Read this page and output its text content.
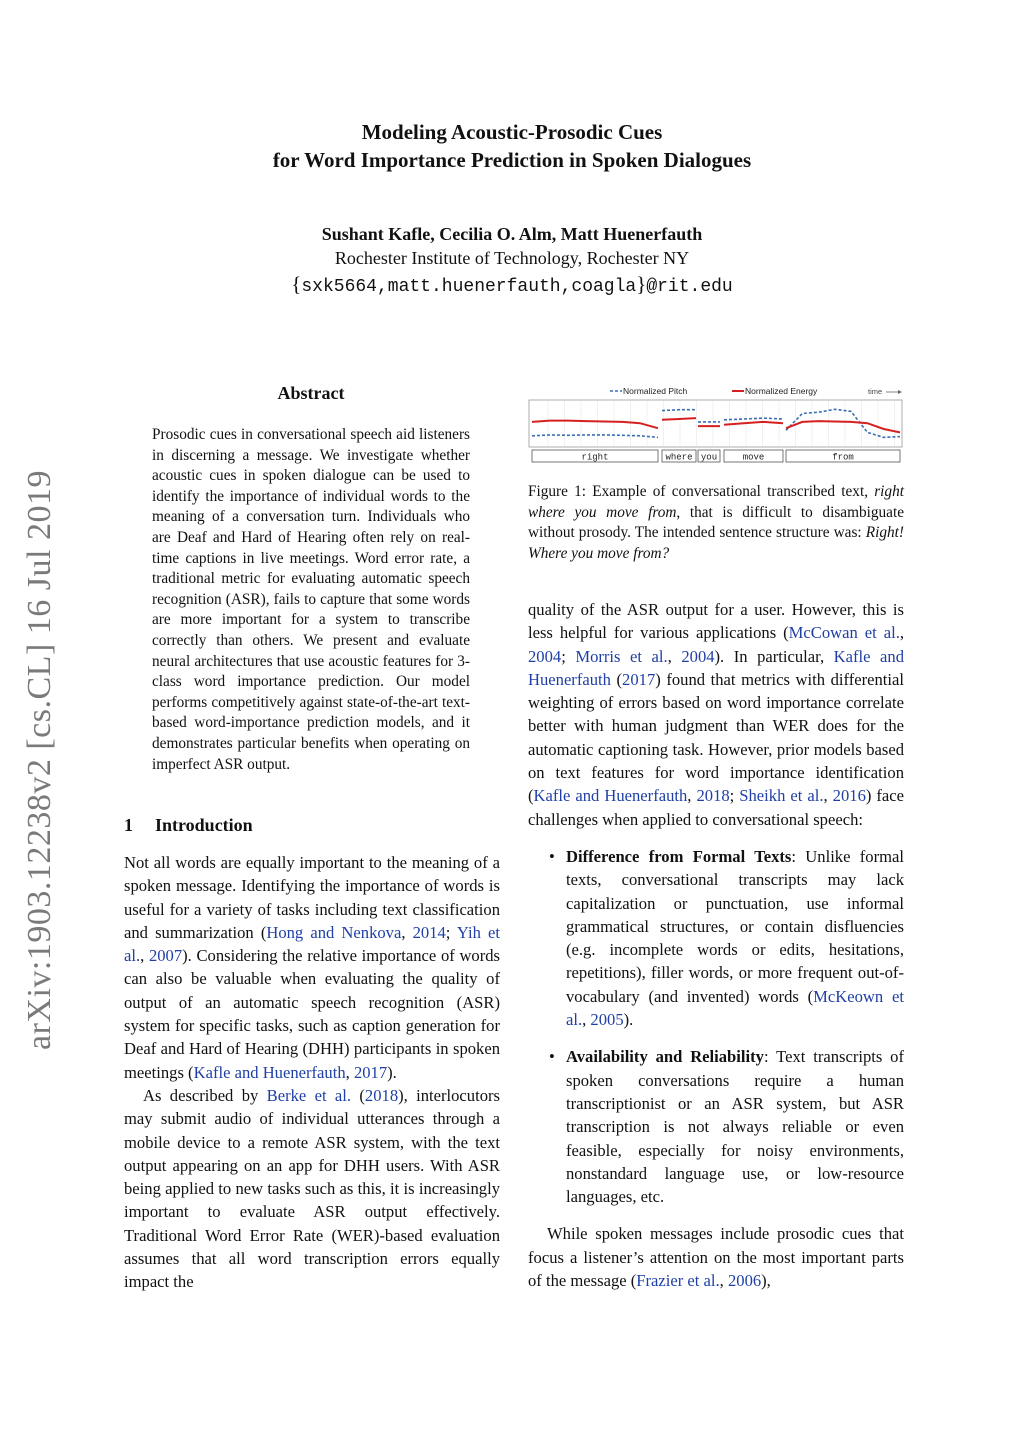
Modeling Acoustic-Prosodic Cues
for Word Importance Prediction in Spoken Dialogues
Sushant Kafle, Cecilia O. Alm, Matt Huenerfauth
Rochester Institute of Technology, Rochester NY
{sxk5664,matt.huenerfauth,coagla}@rit.edu
arXiv:1903.12238v2 [cs.CL] 16 Jul 2019
Abstract
Prosodic cues in conversational speech aid listeners in discerning a message. We investigate whether acoustic cues in spoken dialogue can be used to identify the importance of individual words to the meaning of a conversation turn. Individuals who are Deaf and Hard of Hearing often rely on real-time captions in live meetings. Word error rate, a traditional metric for evaluating automatic speech recognition (ASR), fails to capture that some words are more important for a system to transcribe correctly than others. We present and evaluate neural architectures that use acoustic features for 3-class word importance prediction. Our model performs competitively against state-of-the-art text-based word-importance prediction models, and it demonstrates particular benefits when operating on imperfect ASR output.
1 Introduction

Not all words are equally important to the meaning of a spoken message. Identifying the importance of words is useful for a variety of tasks including text classification and summarization (Hong and Nenkova, 2014; Yih et al., 2007). Considering the relative importance of words can also be valuable when evaluating the quality of output of an automatic speech recognition (ASR) system for specific tasks, such as caption generation for Deaf and Hard of Hearing (DHH) participants in spoken meetings (Kafle and Huenerfauth, 2017).

As described by Berke et al. (2018), interlocutors may submit audio of individual utterances through a mobile device to a remote ASR system, with the text output appearing on an app for DHH users. With ASR being applied to new tasks such as this, it is increasingly important to evaluate ASR output effectively. Traditional Word Error Rate (WER)-based evaluation assumes that all word transcription errors equally impact the

Normalized Pitch	Normalized Energy	time
right	where you	move	from
Figure 1: Example of conversational transcribed text, right where you move from, that is difficult to disambiguate without prosody. The intended sentence structure was: Right! Where you move from?

quality of the ASR output for a user. However, this is less helpful for various applications (McCowan et al., 2004; Morris et al., 2004). In particular, Kafle and Huenerfauth (2017) found that metrics with differential weighting of errors based on word importance correlate better with human judgment than WER does for the automatic captioning task. However, prior models based on text features for word importance identification (Kafle and Huenerfauth, 2018; Sheikh et al., 2016) face challenges when applied to conversational speech:

• Difference from Formal Texts: Unlike formal texts, conversational transcripts may lack capitalization or punctuation, use informal grammatical structures, or contain disfluencies (e.g. incomplete words or edits, hesitations, repetitions), filler words, or more frequent out-of-vocabulary (and invented) words (McKeown et al., 2005).
• Availability and Reliability: Text transcripts of spoken conversations require a human transcriptionist or an ASR system, but ASR transcription is not always reliable or even feasible, especially for noisy environments, nonstandard language use, or low-resource languages, etc.

While spoken messages include prosodic cues that focus a listener’s attention on the most important parts of the message (Frazier et al., 2006),
